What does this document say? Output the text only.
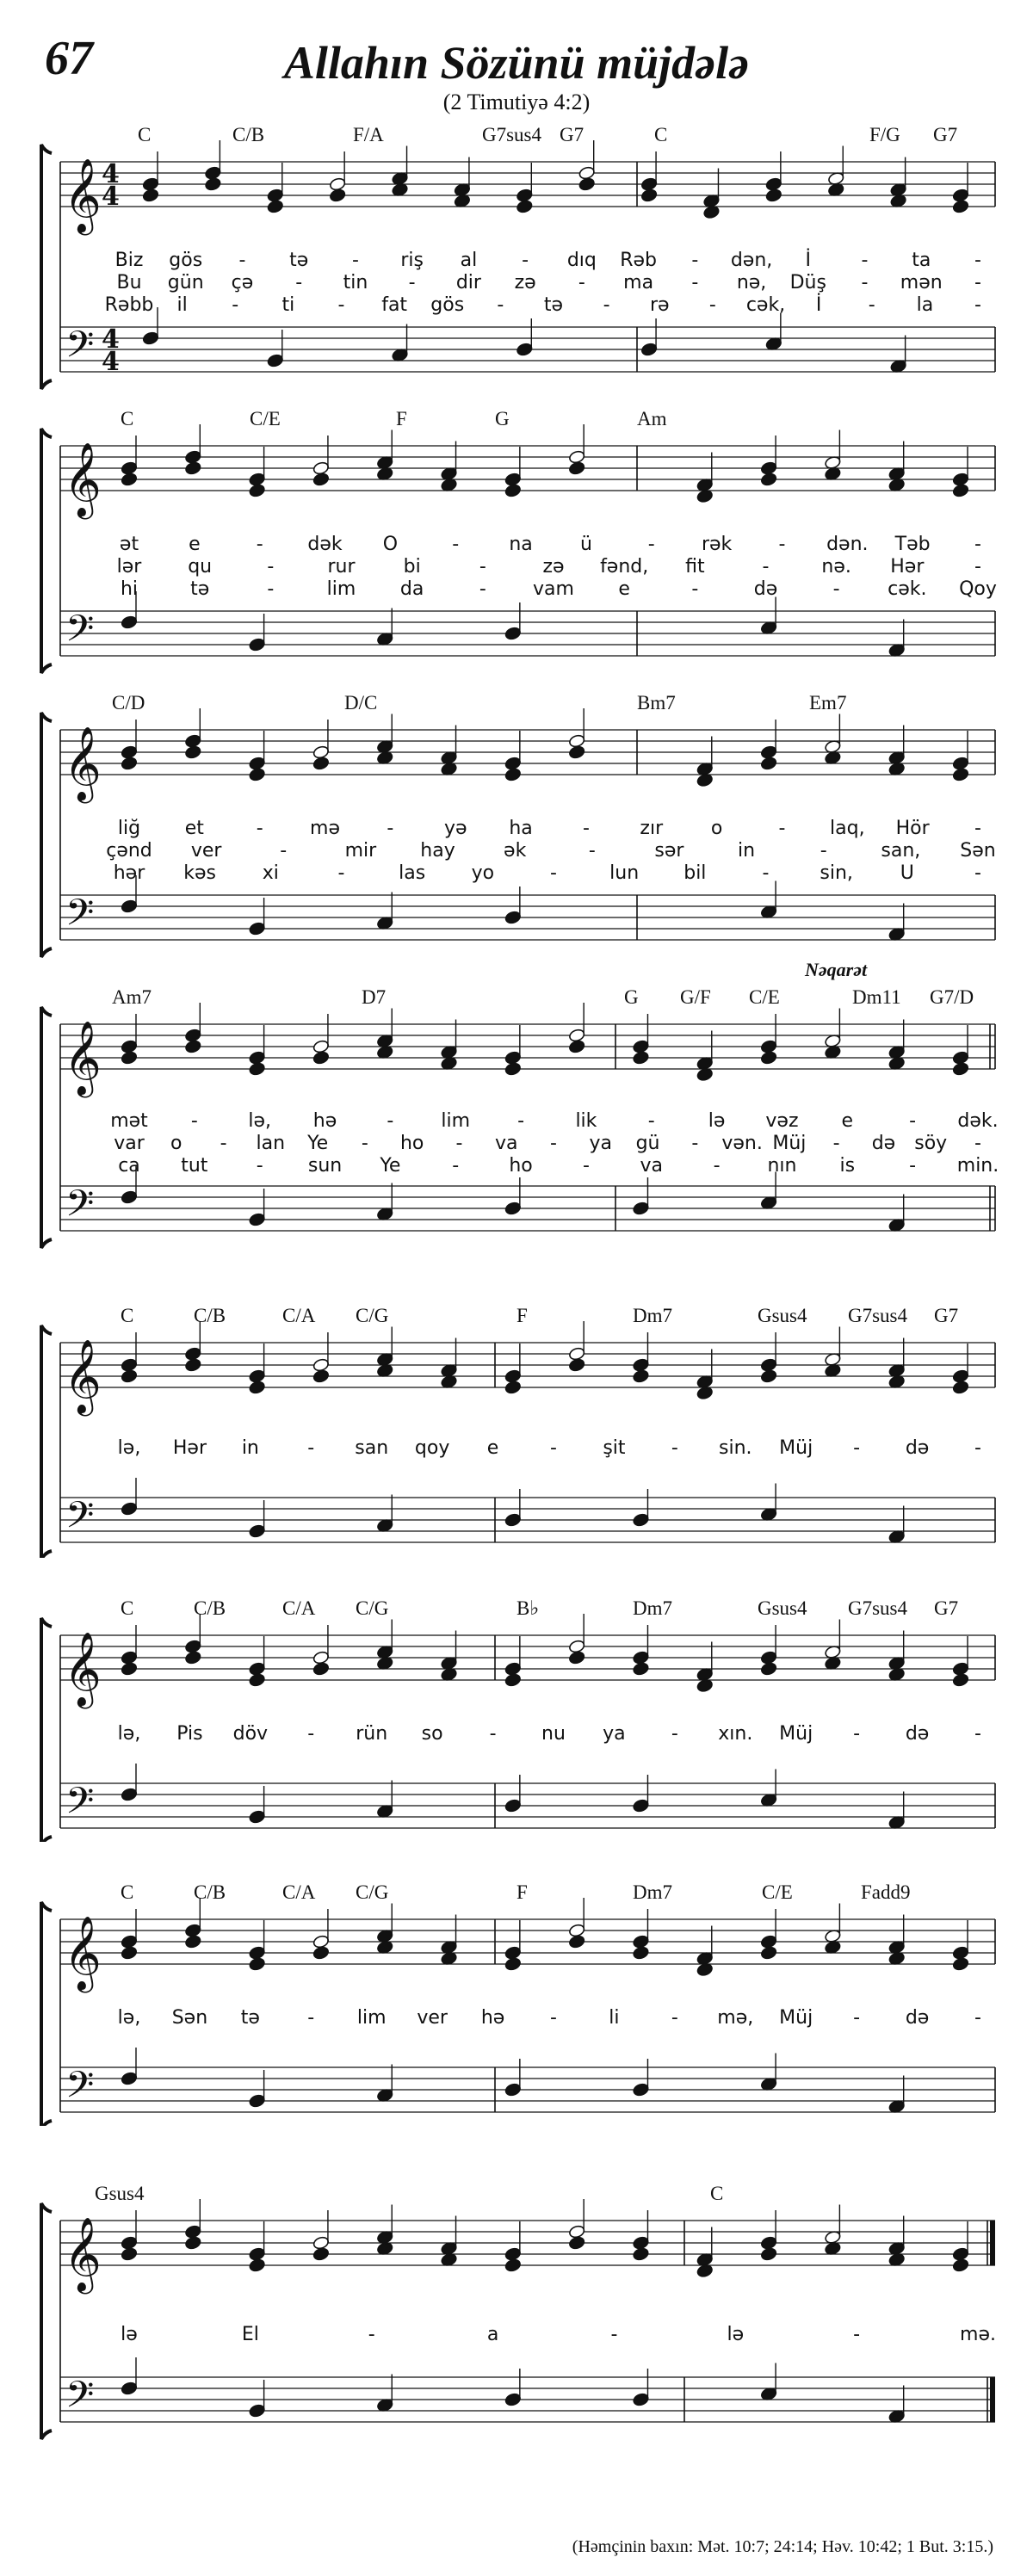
67	Allahın Sözünü müjdələ
(2 Timutiyə 4:2)
𝄞
𝄢
4
4
4
4
C	C/B	F/A	G7sus4 G7	C	F/G G7
Biz gös - tə - riş al - dıq Rəb - dən, İ	- ta -
Bu gün çə - tin - dir zə - ma - nə, Düş - mən -
Rəbb il - ti - fat gös - tə - rə - cək, İ - la -
𝄞
𝄢
C	C/E	F	G	Am
ət	e	- dək O	-	na	ü	- rək - dən. Təb -
lər qu	-	rur	bi	-	zə fənd, fit	-	nə. Hər	-
hi	tə	-	lim da	- vam e	-	də	-	cək. Qoy
𝄞
𝄢
C/D	D/C	Bm7	Em7
liğ et	- mə -	yə ha	-	zır	o	- laq, Hör -
çənd ver	-	mir hay	ək	-	sər	in	-	san, Sən
hər kəs xi	-	las yo	-	lun bil	-	sin, U	-
𝄞
𝄢
Am7	D7	G G/F C/E	Dm11 G7/D
Nəqarət
mət -	lə, hə	-	lim	-	lik	-	lə vəz e	- dək.
var o - lan Ye - ho - va - ya gü - vən. Müj - də söy -
ca tut	- sun Ye	-	ho	-	va	- nın is	- min.
𝄞
𝄢
C	C/B	C/A C/G	F	Dm7	Gsus4 G7sus4 G7
lə, Hər in	- san qoy e	- şit - sin. Müj - də -
𝄞
𝄢
C	C/B	C/A C/G	B♭	Dm7	Gsus4 G7sus4 G7
lə, Pis döv - rün so - nu ya - xın. Müj - də -
𝄞
𝄢
C	C/B	C/A C/G	F	Dm7	C/E	Fadd9
lə, Sən tə	- lim ver hə -	li	- mə, Müj - də -
𝄞
𝄢
Gsus4	C
lə	El	-	a	-	lə	-	mə.
(Həmçinin baxın: Mət. 10:7; 24:14; Həv. 10:42; 1 But. 3:15.)
